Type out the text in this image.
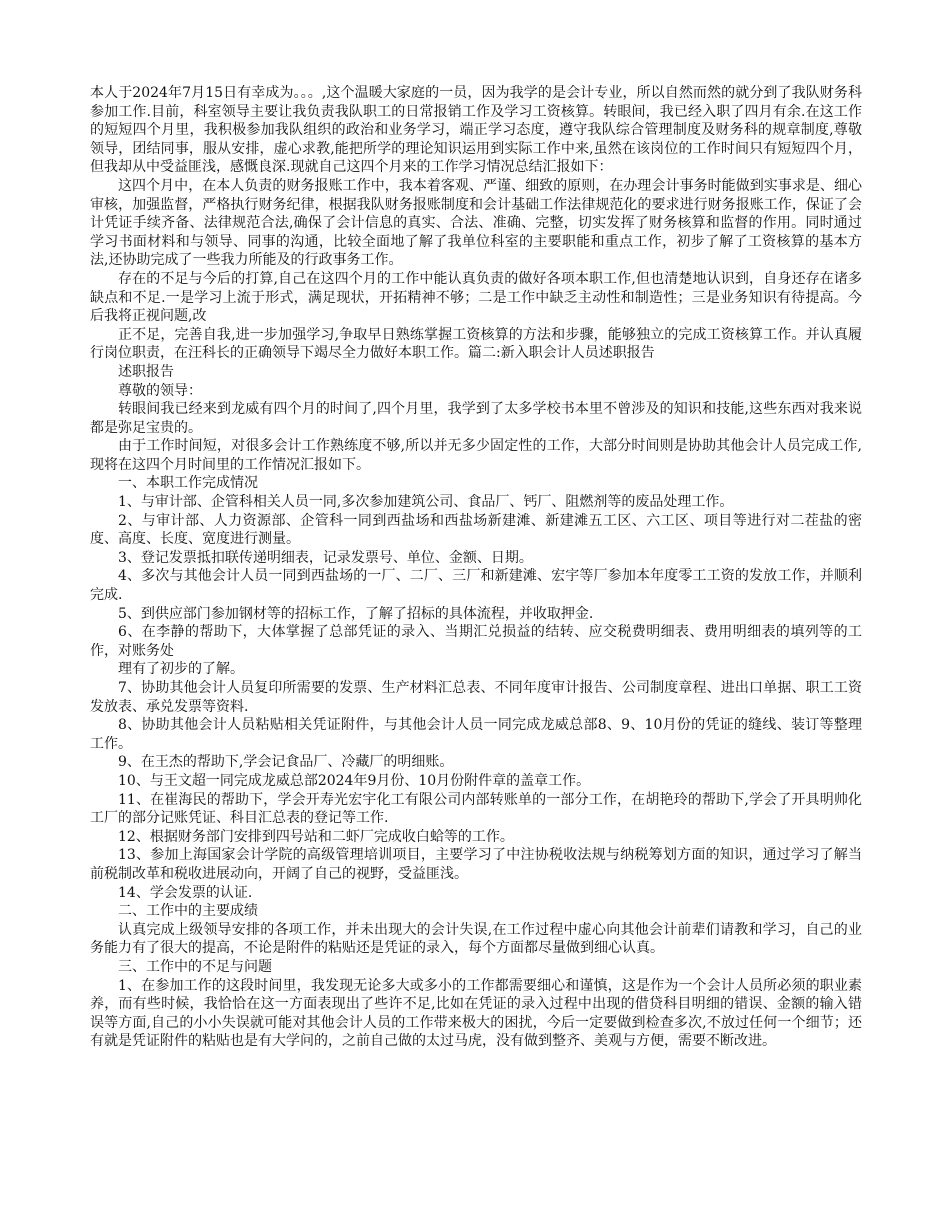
本人于2024年7月15日有幸成为。。。,这个温暖大家庭的一员，因为我学的是会计专业，所以自然而然的就分到了我队财务科参加工作.目前，科室领导主要让我负责我队职工的日常报销工作及学习工资核算。转眼间，我已经入职了四月有余.在这工作的短短四个月里，我积极参加我队组织的政治和业务学习，端正学习态度，遵守我队综合管理制度及财务科的规章制度,尊敬领导，团结同事，服从安排，虚心求教,能把所学的理论知识运用到实际工作中来,虽然在该岗位的工作时间只有短短四个月，但我却从中受益匪浅，感慨良深.现就自己这四个月来的工作学习情况总结汇报如下：

这四个月中，在本人负责的财务报账工作中，我本着客观、严谨、细致的原则，在办理会计事务时能做到实事求是、细心审核，加强监督，严格执行财务纪律，根据我队财务报账制度和会计基础工作法律规范化的要求进行财务报账工作，保证了会计凭证手续齐备、法律规范合法,确保了会计信息的真实、合法、准确、完整，切实发挥了财务核算和监督的作用。同时通过学习书面材料和与领导、同事的沟通，比较全面地了解了我单位科室的主要职能和重点工作，初步了解了工资核算的基本方法,还协助完成了一些我力所能及的行政事务工作。

存在的不足与今后的打算,自己在这四个月的工作中能认真负责的做好各项本职工作,但也清楚地认识到，自身还存在诸多缺点和不足.一是学习上流于形式，满足现状，开拓精神不够；二是工作中缺乏主动性和制造性；三是业务知识有待提高。今后我将正视问题,改

正不足，完善自我,进一步加强学习,争取早日熟练掌握工资核算的方法和步骤，能够独立的完成工资核算工作。并认真履行岗位职责，在汪科长的正确领导下竭尽全力做好本职工作。篇二:新入职会计人员述职报告

述职报告

尊敬的领导：

转眼间我已经来到龙威有四个月的时间了,四个月里，我学到了太多学校书本里不曾涉及的知识和技能,这些东西对我来说都是弥足宝贵的。

由于工作时间短，对很多会计工作熟练度不够,所以并无多少固定性的工作，大部分时间则是协助其他会计人员完成工作,现将在这四个月时间里的工作情况汇报如下。

一、本职工作完成情况

1、与审计部、企管科相关人员一同,多次参加建筑公司、食品厂、钙厂、阻燃剂等的废品处理工作。

2、与审计部、人力资源部、企管科一同到西盐场和西盐场新建滩、新建滩五工区、六工区、项目等进行对二茬盐的密度、高度、长度、宽度进行测量。

3、登记发票抵扣联传递明细表，记录发票号、单位、金额、日期。

4、多次与其他会计人员一同到西盐场的一厂、二厂、三厂和新建滩、宏宇等厂参加本年度零工工资的发放工作，并顺利完成.

5、到供应部门参加钢材等的招标工作，了解了招标的具体流程，并收取押金.

6、在李静的帮助下，大体掌握了总部凭证的录入、当期汇兑损益的结转、应交税费明细表、费用明细表的填列等的工作，对账务处

理有了初步的了解。

7、协助其他会计人员复印所需要的发票、生产材料汇总表、不同年度审计报告、公司制度章程、进出口单据、职工工资发放表、承兑发票等资料.

8、协助其他会计人员粘贴相关凭证附件，与其他会计人员一同完成龙威总部8、9、10月份的凭证的缝线、装订等整理工作。

9、在王杰的帮助下,学会记食品厂、冷藏厂的明细账。

10、与王文超一同完成龙威总部2024年9月份、10月份附件章的盖章工作。

11、在崔海民的帮助下，学会开寿光宏宇化工有限公司内部转账单的一部分工作，在胡艳玲的帮助下,学会了开具明帅化工厂的部分记账凭证、科目汇总表的登记等工作.

12、根据财务部门安排到四号站和二虾厂完成收白蛤等的工作。

13、参加上海国家会计学院的高级管理培训项目，主要学习了中注协税收法规与纳税筹划方面的知识，通过学习了解当前税制改革和税收进展动向，开阔了自己的视野，受益匪浅。

14、学会发票的认证.

二、工作中的主要成绩

认真完成上级领导安排的各项工作，并未出现大的会计失误,在工作过程中虚心向其他会计前辈们请教和学习，自己的业务能力有了很大的提高，不论是附件的粘贴还是凭证的录入，每个方面都尽量做到细心认真。

三、工作中的不足与问题

1、在参加工作的这段时间里，我发现无论多大或多小的工作都需要细心和谨慎，这是作为一个会计人员所必须的职业素养，而有些时候，我恰恰在这一方面表现出了些许不足,比如在凭证的录入过程中出现的借贷科目明细的错误、金额的输入错误等方面,自己的小小失误就可能对其他会计人员的工作带来极大的困扰，今后一定要做到检查多次,不放过任何一个细节；还有就是凭证附件的粘贴也是有大学问的，之前自己做的太过马虎，没有做到整齐、美观与方便，需要不断改进。
